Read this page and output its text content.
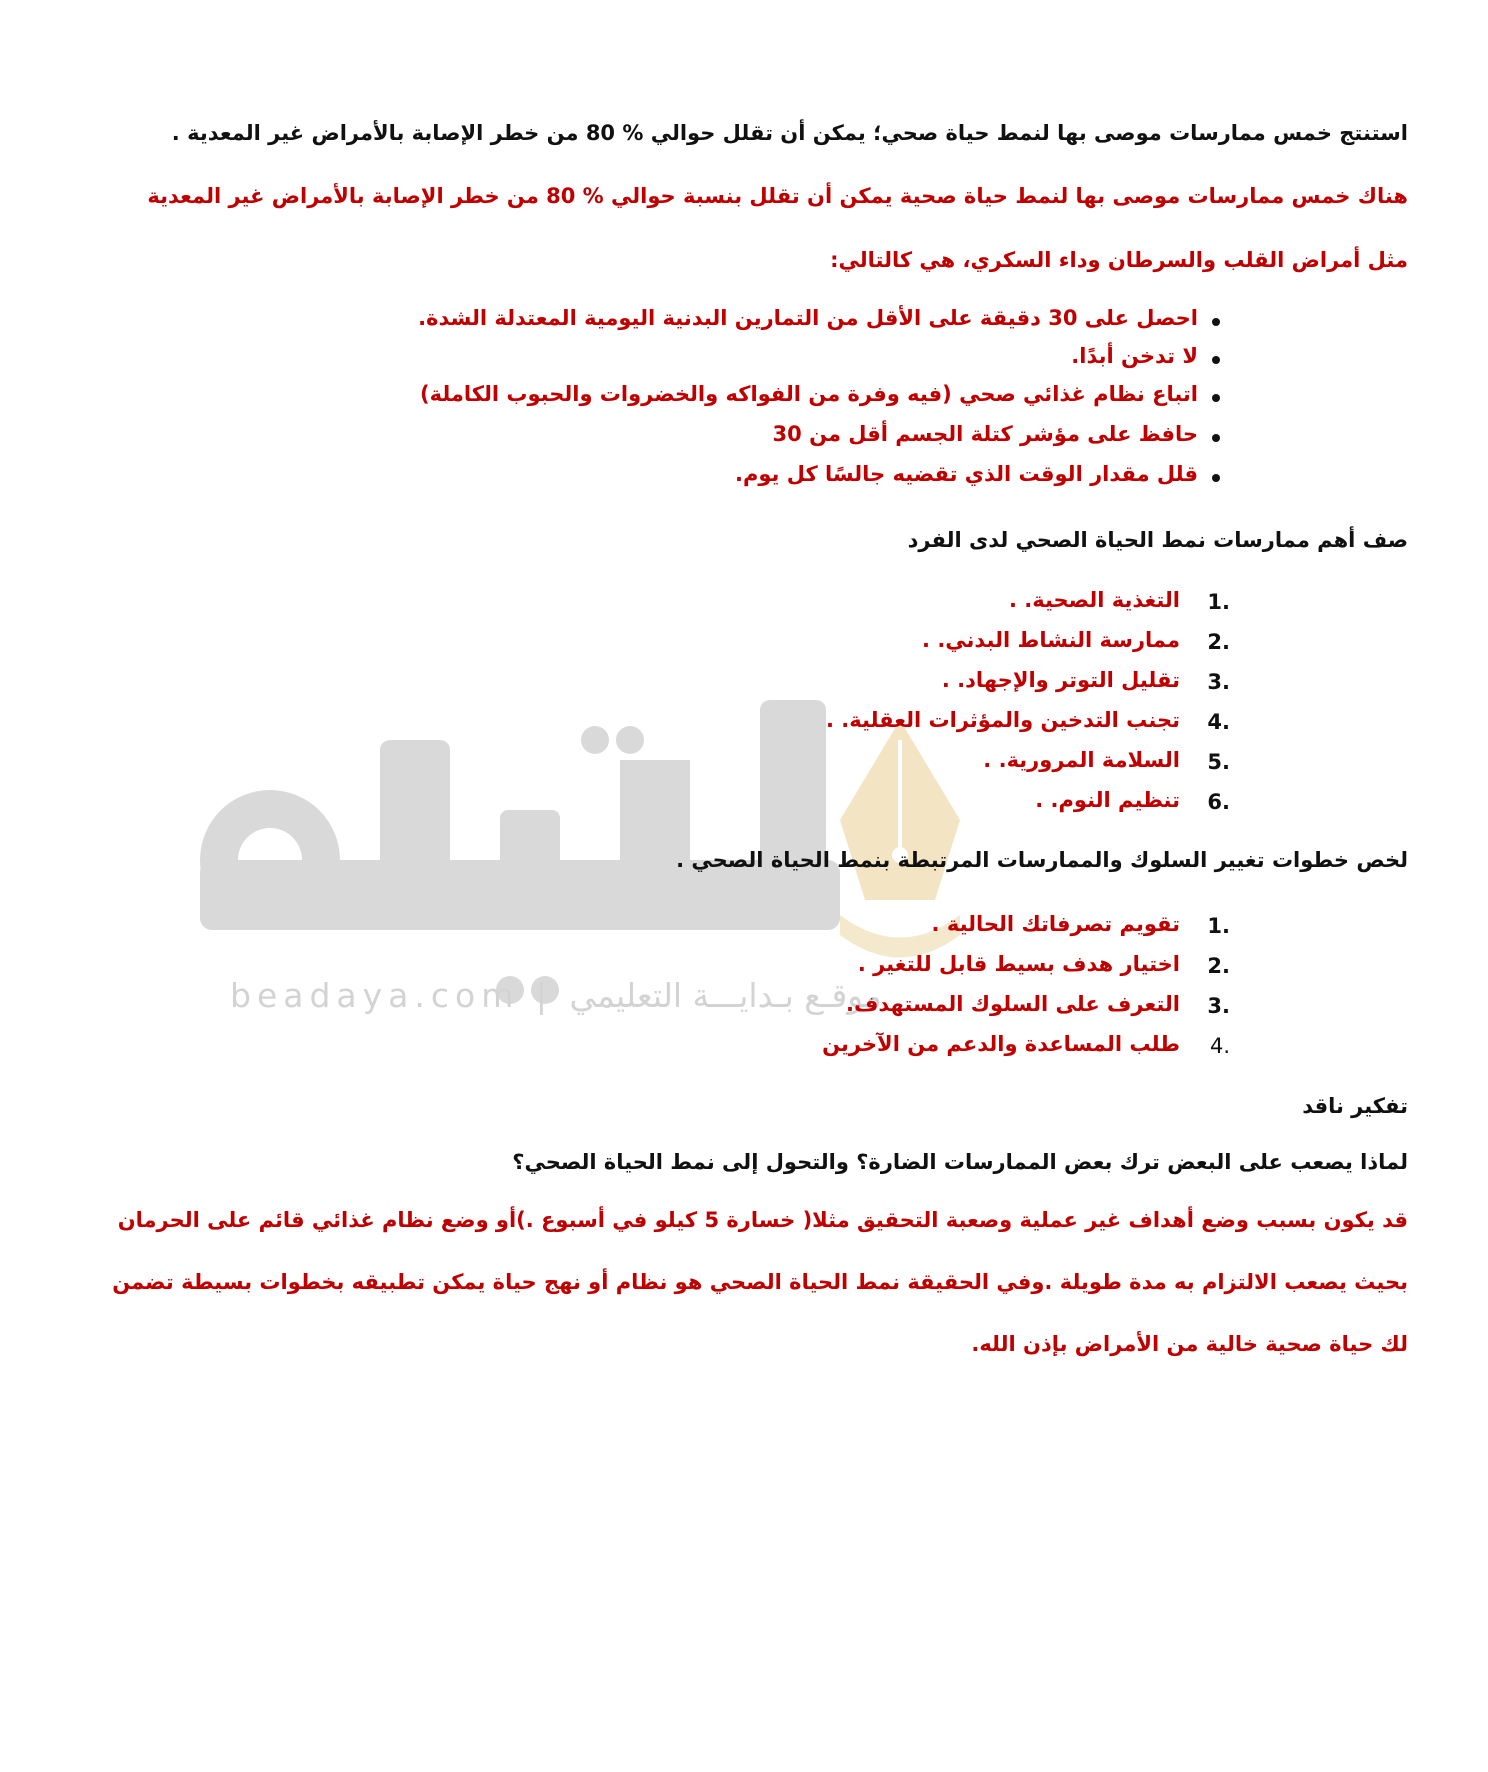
beadaya.com | موقـع بـدايـــة التعليمي
استنتج خمس ممارسات موصى بها لنمط حياة صحي؛ يمكن أن تقلل حوالي % 80 من خطر الإصابة بالأمراض غير المعدية .
هناك خمس ممارسات موصى بها لنمط حياة صحية يمكن أن تقلل بنسبة حوالي % 80 من خطر الإصابة بالأمراض غير المعدية
مثل أمراض القلب والسرطان وداء السكري، هي كالتالي:
احصل على 30 دقيقة على الأقل من التمارين البدنية اليومية المعتدلة الشدة.
لا تدخن أبدًا.
اتباع نظام غذائي صحي (فيه وفرة من الفواكه والخضروات والحبوب الكاملة)
حافظ على مؤشر كتلة الجسم أقل من 30
قلل مقدار الوقت الذي تقضيه جالسًا كل يوم.
صف أهم ممارسات نمط الحياة الصحي لدى الفرد
1.
التغذية الصحية. .
2.
ممارسة النشاط البدني. .
3.
تقليل التوتر والإجهاد. .
4.
تجنب التدخين والمؤثرات العقلية. .
5.
السلامة المرورية. .
6.
تنظيم النوم. .
لخص خطوات تغيير السلوك والممارسات المرتبطة بنمط الحياة الصحي .
1.
تقويم تصرفاتك الحالية .
2.
اختيار هدف بسيط قابل للتغير .
3.
التعرف على السلوك المستهدف.
4.
طلب المساعدة والدعم من الآخرين
تفكير ناقد
لماذا يصعب على البعض ترك بعض الممارسات الضارة؟ والتحول إلى نمط الحياة الصحي؟
قد يكون بسبب وضع أهداف غير عملية وصعبة التحقيق مثلا( خسارة 5 كيلو في أسبوع .)أو وضع نظام غذائي قائم على الحرمان
بحيث يصعب الالتزام به مدة طويلة .وفي الحقيقة نمط الحياة الصحي هو نظام أو نهج حياة يمكن تطبيقه بخطوات بسيطة تضمن
لك حياة صحية خالية من الأمراض بإذن الله.
